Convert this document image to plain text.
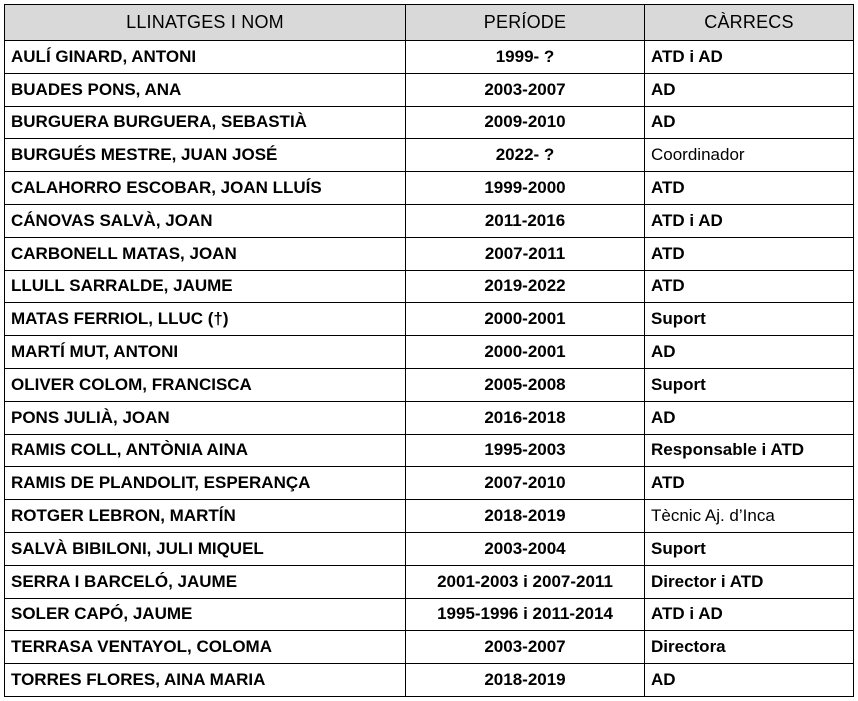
LLINATGES I NOM	PERÍODE	CÀRRECS
AULÍ GINARD, ANTONI	1999- ?	ATD i AD
BUADES PONS, ANA	2003-2007	AD
BURGUERA BURGUERA, SEBASTIÀ	2009-2010	AD
BURGUÉS MESTRE, JUAN JOSÉ	2022- ?	Coordinador
CALAHORRO ESCOBAR, JOAN LLUÍS	1999-2000	ATD
CÁNOVAS SALVÀ, JOAN	2011-2016	ATD i AD
CARBONELL MATAS, JOAN	2007-2011	ATD
LLULL SARRALDE, JAUME	2019-2022	ATD
MATAS FERRIOL, LLUC (†)	2000-2001	Suport
MARTÍ MUT, ANTONI	2000-2001	AD
OLIVER COLOM, FRANCISCA	2005-2008	Suport
PONS JULIÀ, JOAN	2016-2018	AD
RAMIS COLL, ANTÒNIA AINA	1995-2003	Responsable i ATD
RAMIS DE PLANDOLIT, ESPERANÇA	2007-2010	ATD
ROTGER LEBRON, MARTÍN	2018-2019	Tècnic Aj. d’Inca
SALVÀ BIBILONI, JULI MIQUEL	2003-2004	Suport
SERRA I BARCELÓ, JAUME	2001-2003 i 2007-2011	Director i ATD
SOLER CAPÓ, JAUME	1995-1996 i 2011-2014	ATD i AD
TERRASA VENTAYOL, COLOMA	2003-2007	Directora
TORRES FLORES, AINA MARIA	2018-2019	AD
